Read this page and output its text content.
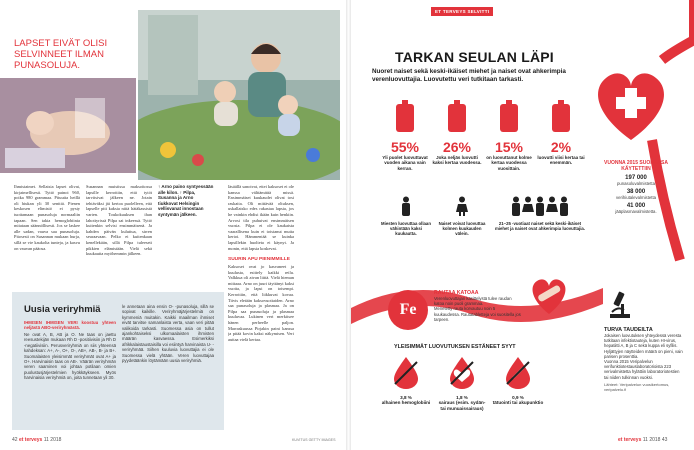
LAPSET EIVÄT OLISI SELVINNEET ILMAN PUNASOLUJA.
Ihmistaimet. Sellaisia lapset olivat, kirjaimellisesti. Tyttö painoi 960, poika 980 grammaa. Pituutta heillä oli hiukan yli 30 senttiä. Pienen keskosen elimistö ei pysty tuottamaan punasoluja normaaliin tapaan. Sen takia hemoglobiinia mitataan säännöllisesti. Jos se laskee alle sadan, vauva saa punasoluja. Pitosesti on Susannan mukaan hurja, sillä se vie kaukolta tunteja, ja kasvu on vauvan pääosa.
Susannan muistissa maksoitossa lapsille kerrottiin, että tytöt tarvitsivat jälkeen ne. Jotain tehtäväksi jäi kertoa puolelleen, että lapselle piti kaksia niitä hätäkassistä varten. Toukokuuksen ihan lahottyrissä Pilpa sai inkeessä. Tyttö kuitenkin selvisi ensimmäisenä. Ja kahden päivän kuluttua, sirren seuraavaan. Pelko ei kuitenkaan kenellekään, sillä Pilpa tuleeseti pikkien elämistään. Vielä sekä kuukautta myöhemmin jälkeen.
↑ Arno paino syntyessään alle kilon. ↑ Pilpa, Susanna ja Arno tiukkovat Helsingin vellisvanat innostaan syntymän jälkeen.
läsäällä sanoivat, ettei kaksoset ei ole kanssa välttämättä missä. Ensimmäiset kuukaudet olivat tosi raskaita. Oli mittävää oltuksen, uskallaisko edes rakastaa lapsia, jos he vainkin ehdisi ikään kuin henkiin. Arvosi tila puhuivat ensimmäisen vuosia. Pilpa ei ole kaukaista vaarallisena kuin ei toistanut mutta kertoi. Hämmentää se kuinka lapsillekin huolteta ei käynyt. Ja monin, että lapsia koskevat.
SUURIN APU PIENIMMILLE
Kaksoset ovat jo kasvaneet ja kuulusta, esittely kaikki reilu. Valkkua oli aivan liittä. Vielä hieman mittaaa. Arno on juuri täyttänyt kaksi vuotta, ja lapsi on toisempi. Kerrottiin, että liikkuvat kovaa. Tiivis eletään kaksovuottaiden. Arno saa punasoluja ja plasmaa. Ja on Pilpa saa punasoluja ja plasmaa kuuluvaa. Lukinen veri merkitsee hänen perheelle paljon. Marraskuussa Pirjakin paini kanssa ja pitää kovin kaksi näkymisen. Veri auttaa vielä kertaa.
Uusia veriryhmiä
IHMISEN IHMISEN VERI koostuu yhteen neljästä ABO-veriryhmästä.
Ne ovat A, B, AB ja O. Ne taas on jaettu reesustekijän mukaan Rh D -positiivisiin ja Rh D -negatiivisiin. Perusveriryhmiä on siis yhteensä kahdeksan: A+, A-, O+, O-, AB+, AB-, B- ja B+. Suomalaisten yleisimmät veriryhmät ovat A+ ja O+. Harvinaisin taas on AB-. Väärän veriryhmän veren saaminen voi johtaa potilaan omien puolustusjärjestelmien hyökkäykseen. Myös harvinaisia veriryhmiä on, joita tunnetaan yli 30.
le annetaan aina ensin O- -punasoluja, sillä se sopivat kaikille. Veriryhmäjärjestelmiä on kymmeniä muitakin. Kaikki maailman ihmiset eivät tarvitse samanlaista verta, vaan veri pitää valikoida tarkasti. Suomessa asia on tullut ajankohtaiseksi ulkomaalaisten ihmisten määrän kasvaessa. Esimerkiksi afrikkalaistaustaisilla voi esiintyä harvinaista U- -veriryhmää. Siihen kuuluvia luovuttajia ei ole Suomessa vielä yhtään. Veren luovuttajaa pyydetäänkin löytämään uusia veriryhmiä.
42 et terveys 11 2018	KUVITUS GETTY IMAGES
ET TERVEYS SELVITTI
TARKAN SEULAN LÄPI
Nuoret naiset sekä keski-ikäiset miehet ja naiset ovat ahkerimpia verenluovuttajia. Luovutettu veri tutkitaan tarkasti.
55%
Yli puolet luovuttavat vuoden aikana vain kerran.
26%
Joka neljäs luovutti kaksi kertaa vuodessa.
15%
on luovuttanut kolme kertaa vuodessa vuosittain.
2%
luovutti viisi kertaa tai enemmän.	VUONNA 2015 SUOMESSA KÄYTETTIIN
197 000
punasoluvalmistetta
38 000
verihiutalevalmistetta
41 000
jääplasmavalmistetta.
Miesten luovuttaa ollaan vähintään kaksi kuukautta.
Naiset voivat luovuttaa kolmen kuukauden välein.
21–25 -vuotiaat naiset sekä keski-ikäiset miehet ja naiset ovat ahkerimpia luovuttajia.
Fe
RAUTAA KATOAA
Verenluovuttajan käsittelystä tulee raudan katoa noin puoli grammaa.
Menetetty rauta korvautuu noin 5 kuukaudessa. Rautatabletteja voi suositella jos tarpeen.
YLEISIMMÄT LUOVUTUKSEN ESTÄNEET SYYT
3,8 %
alhainen hemoglobiini
1,8 %
sairaus (esim. sydän- tai munuaissairaus)
0,9 %
tätuointi tai akupunktio
TURVA TAUDEILTA
Jokaisen luovutuksen yhteydessä veresta tutkitaan infektiotauteja, kuten HI-virus, hepatiitti A, B ja C sekä kuppa eli syfilis.
Hyljättyjen näytteiden määrä on pieni, vain parisen prosenttia.
Vuonna 2015 Veripalvelun verifunktiotestauslaboratorioista 223 verivalmistetta hylättiin laboratoriotestien tai niiden tulkinnan vuoksi.
Lähteet: Veripalvelun vuosikertomus, veripalvelu.fi
et terveys 11 2018 43
